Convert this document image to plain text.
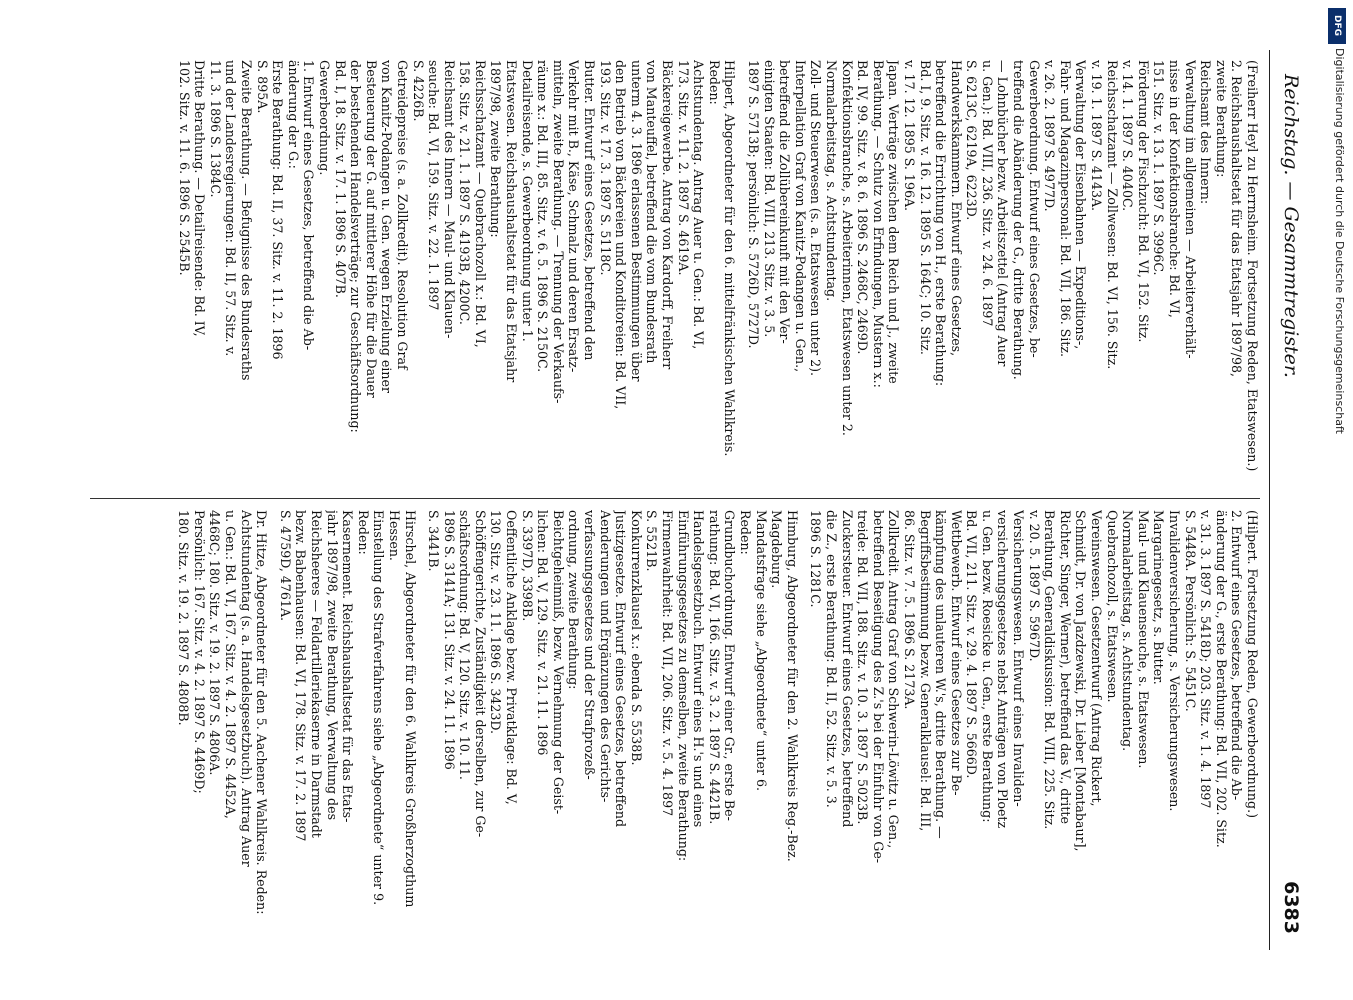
Reichstag. — Gesammtregister.
6383
(Freiherr Heyl zu Herrnsheim. Fortsetzung Reden, Etatswesen.)
2. Reichshaushaltsetat für das Etatsjahr 1897/98,
zweite Berathung:
Reichsamt des Innern:
Verwaltung im allgemeinen — Arbeiterverhält-
nisse in der Konfektionsbranche: Bd. VI,
151. Sitz. v. 13. 1. 1897 S. 3996C.
Förderung der Fischzucht: Bd. VI, 152. Sitz.
v. 14. 1. 1897 S. 4040C.
Reichsschatzamt — Zollwesen: Bd. VI, 156. Sitz.
v. 19. 1. 1897 S. 4143A.
Verwaltung der Eisenbahnen — Expeditions-,
Fahr- und Magazinpersonal: Bd. VII, 186. Sitz.
v. 26. 2. 1897 S. 4977D.
Gewerbeordnung. Entwurf eines Gesetzes, be-
treffend die Abänderung der G., dritte Berathung.
— Lohnbücher bezw. Arbeitszettel (Antrag Auer
u. Gen.): Bd. VIII, 236. Sitz. v. 24. 6. 1897
S. 6213C, 6219A, 6223D.
Handwerkskammern. Entwurf eines Gesetzes,
betreffend die Errichtung von H., erste Berathung:
Bd. I, 9. Sitz. v. 16. 12. 1895 S. 164C; 10. Sitz.
v. 17. 12. 1895 S. 196A.
Japan. Verträge zwischen dem Reich und J., zweite
Berathung. — Schutz von Erfindungen, Mustern x.:
Bd. IV, 99. Sitz. v. 8. 6. 1896 S. 2468C, 2469D.
Konfektionsbranche, s. Arbeiterinnen, Etatswesen unter 2.
Normalarbeitstag, s. Achtstundentag.
Zoll- und Steuerwesen (s. a. Etatswesen unter 2).
Interpellation Graf von Kanitz-Podangen u. Gen.,
betreffend die Zollübereinkunft mit den Ver-
einigten Staaten: Bd. VIII, 213. Sitz. v. 3. 5.
1897 S. 5713B; persönlich: S. 5726D, 5727D.
Hilpert, Abgeordneter für den 6. mittelfränkischen Wahlkreis.
Reden:
Achtstundentag. Antrag Auer u. Gen.: Bd. VI,
173. Sitz. v. 11. 2. 1897 S. 4619A.
Bäckereigewerbe. Antrag von Kardorff, Freiherr
von Manteuffel, betreffend die vom Bundesrath
unterm 4. 3. 1896 erlassenen Bestimmungen über
den Betrieb von Bäckereien und Konditoreien: Bd. VII,
193. Sitz. v. 17. 3. 1897 S. 5118C.
Butter. Entwurf eines Gesetzes, betreffend den
Verkehr mit B., Käse, Schmalz und deren Ersatz-
mitteln, zweite Berathung. — Trennung der Verkaufs-
räume x.: Bd. III, 85. Sitz. v. 6. 5. 1896 S. 2150C.
Detailreisende, s. Gewerbeordnung unter 1.
Etatswesen. Reichshaushaltsetat für das Etatsjahr
1897/98, zweite Berathung:
Reichsschatzamt — Quebrachozoll x.: Bd. VI,
158. Sitz. v. 21. 1. 1897 S. 4193B, 4200C.
Reichsamt des Innern — Maul- und Klauen-
seuche: Bd. VI, 159. Sitz. v. 22. 1. 1897
S. 4226B.
Getreidepreise (s. a. Zollkredit). Resolution Graf
von Kanitz-Podangen u. Gen. wegen Erzielung einer
Besteuerung der G. auf mittlerer Höhe für die Dauer
der bestehenden Handelsverträge; zur Geschäftsordnung:
Bd. I, 18. Sitz. v. 17. 1. 1896 S. 407B.
Gewerbeordnung.
1. Entwurf eines Gesetzes, betreffend die Ab-
änderung der G.:
Erste Berathung: Bd. II, 37. Sitz. v. 11. 2. 1896
S. 895A.
Zweite Berathung. — Befugnisse des Bundesraths
und der Landesregierungen: Bd. II, 57. Sitz. v.
11. 3. 1896 S. 1384C.
Dritte Berathung. — Detailreisende: Bd. IV,
102. Sitz. v. 11. 6. 1896 S. 2545B.
(Hilpert. Fortsetzung Reden, Gewerbeordnung.)
2. Entwurf eines Gesetzes, betreffend die Ab-
änderung der G., erste Berathung: Bd. VII, 202. Sitz.
v. 31. 3. 1897 S. 5418D; 203. Sitz. v. 1. 4. 1897
S. 5448A. Persönlich: S. 5451C.
Invalidenversicherung, s. Versicherungswesen.
Margarinegesetz, s. Butter.
Maul- und Klauenseuche, s. Etatswesen.
Normalarbeitstag, s. Achtstundentag.
Quebrachozoll, s. Etatswesen.
Vereinswesen. Gesetzentwurf (Antrag Rickert,
Schmidt, Dr. von Jazdzewski, Dr. Lieber [Montabaur],
Richter, Singer, Werner), betreffend das V., dritte
Berathung, Generaldiskussion: Bd. VIII, 225. Sitz.
v. 20. 5. 1897 S. 5967D.
Versicherungswesen. Entwurf eines Invaliden-
versicherungsgesetzes nebst Anträgen von Ploetz
u. Gen. bezw. Roesicke u. Gen., erste Berathung:
Bd. VII, 211. Sitz. v. 29. 4. 1897 S. 5666D.
Wettbewerb. Entwurf eines Gesetzes zur Be-
kämpfung des unlauteren W.'s, dritte Berathung. —
Begriffsbestimmung bezw. Generalklausel: Bd. III,
86. Sitz. v. 7. 5. 1896 S. 2173A.
Zollkredit. Antrag Graf von Schwerin-Löwitz u. Gen.,
betreffend Beseitigung des Z.'s bei der Einfuhr von Ge-
treide: Bd. VII, 188. Sitz. v. 10. 3. 1897 S. 5023B.
Zuckersteuer. Entwurf eines Gesetzes, betreffend
die Z., erste Berathung: Bd. II, 52. Sitz. v. 5. 3.
1896 S. 1281C.
Himburg, Abgeordneter für den 2. Wahlkreis Reg.-Bez.
Magdeburg.
Mandatsfrage siehe „Abgeordnete“ unter 6.
Reden:
Grundbuchordnung. Entwurf einer Gr., erste Be-
rathung: Bd. VI, 166. Sitz. v. 3. 2. 1897 S. 4421B.
Handelsgesetzbuch. Entwurf eines H.'s und eines
Einführungsgesetzes zu demselben, zweite Berathung:
Firmenwahrheit: Bd. VII, 206. Sitz. v. 5. 4. 1897
S. 5521B.
Konkurrenzklausel x.: ebenda S. 5538B.
Justizgesetze. Entwurf eines Gesetzes, betreffend
Aenderungen und Ergänzungen des Gerichts-
verfassungsgesetzes und der Strafprozeß-
ordnung, zweite Berathung:
Beichtgeheimniß, bezw. Vernehmung der Geist-
lichen: Bd. V, 129. Sitz. v. 21. 11. 1896
S. 3397D, 3398B.
Oeffentliche Anklage bezw. Privatklage: Bd. V,
130. Sitz. v. 23. 11. 1896 S. 3423D.
Schöffengerichte, Zuständigkeit derselben, zur Ge-
schäftsordnung: Bd. V, 120. Sitz. v. 10. 11.
1896 S. 3141A; 131. Sitz. v. 24. 11. 1896
S. 3441B.
Hirschel, Abgeordneter für den 6. Wahlkreis Großherzogthum
Hessen.
Einstellung des Strafverfahrens siehe „Abgeordnete“ unter 9.
Reden:
Kasernement. Reichshaushaltsetat für das Etats-
jahr 1897/98, zweite Berathung, Verwaltung des
Reichsheeres — Feldartilleriekaserne in Darmstadt
bezw. Babenhausen: Bd. VI, 178. Sitz. v. 17. 2. 1897
S. 4759D, 4761A.
Dr. Hitze, Abgeordneter für den 5. Aachener Wahlkreis. Reden:
Achtstundentag (s. a. Handelsgesetzbuch). Antrag Auer
u. Gen.: Bd. VI, 167. Sitz. v. 4. 2. 1897 S. 4452A,
4468C; 180. Sitz. v. 19. 2. 1897 S. 4806A.
Persönlich: 167. Sitz. v. 4. 2. 1897 S. 4469D;
180. Sitz. v. 19. 2. 1897 S. 4808B.
DFG
Digitalisierung gefördert durch die Deutsche Forschungsgemeinschaft
